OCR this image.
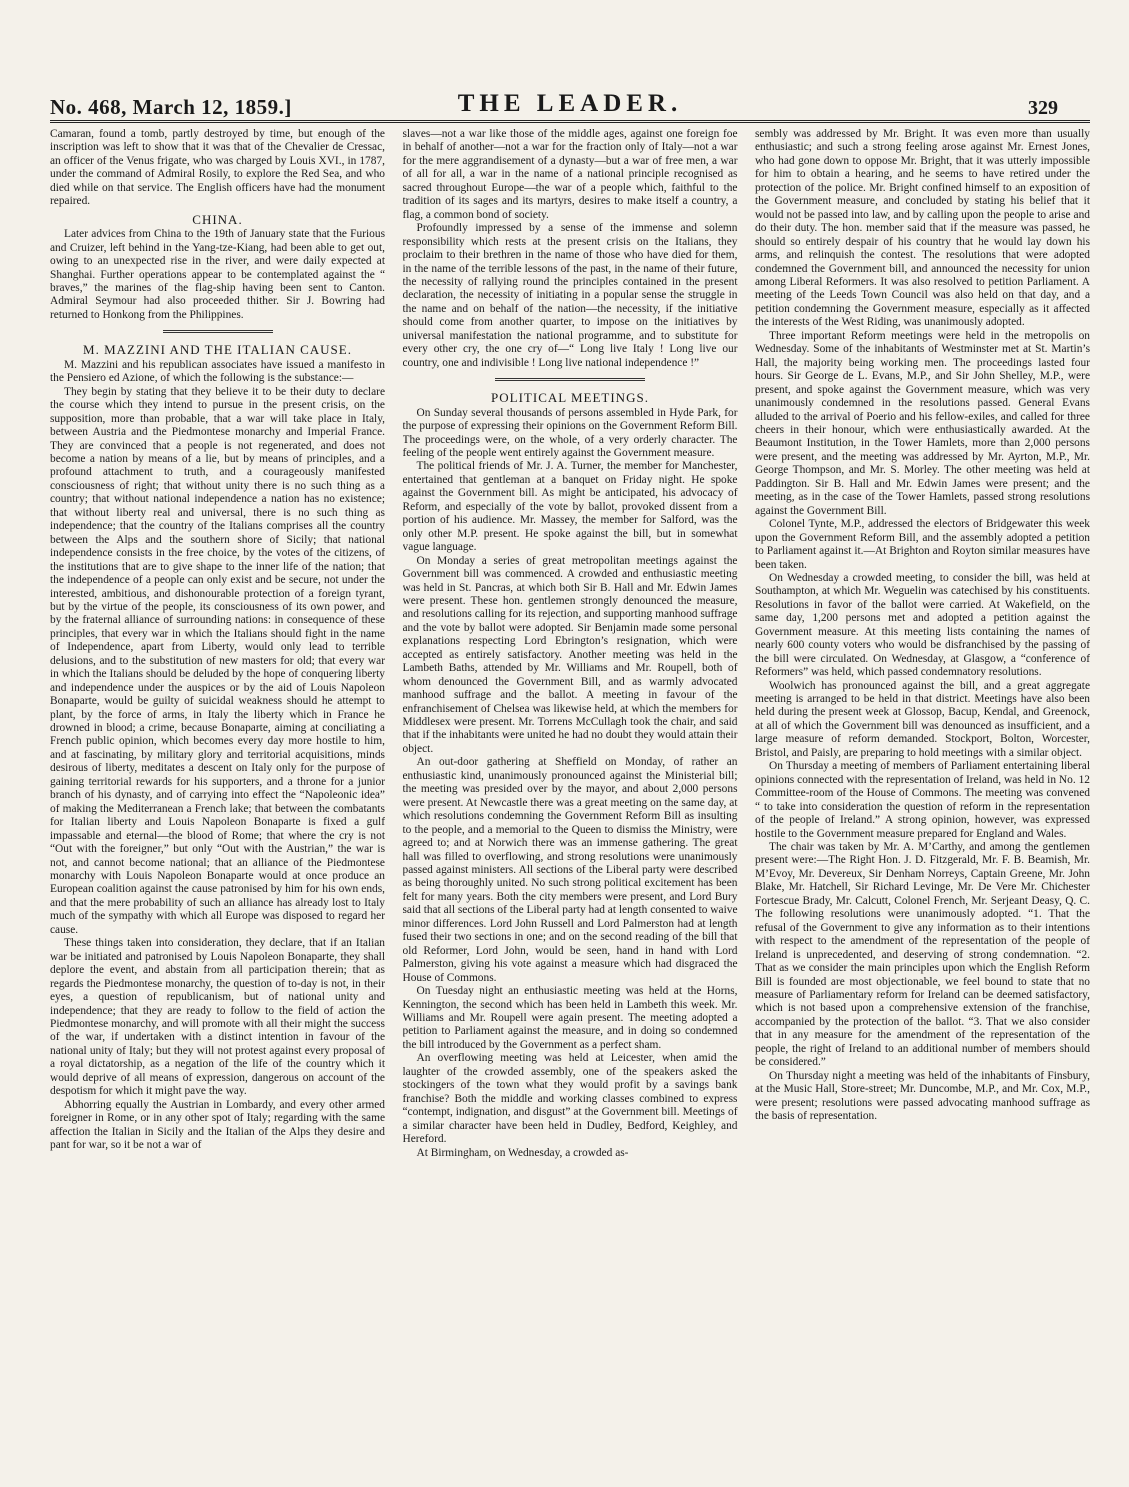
No. 468, March 12, 1859.]	THE LEADER.	329

Camaran, found a tomb, partly destroyed by time, but enough of the inscription was left to show that it was that of the Chevalier de Cressac, an officer of the Venus frigate, who was charged by Louis XVI., in 1787, under the command of Admiral Rosily, to explore the Red Sea, and who died while on that service. The English officers have had the monument repaired.

CHINA.

Later advices from China to the 19th of January state that the Furious and Cruizer, left behind in the Yang-tze-Kiang, had been able to get out, owing to an unexpected rise in the river, and were daily expected at Shanghai. Further operations appear to be contemplated against the “ braves,” the marines of the flag-ship having been sent to Canton. Admiral Seymour had also proceeded thither. Sir J. Bowring had returned to Honkong from the Philippines.

M. MAZZINI AND THE ITALIAN CAUSE.

M. Mazzini and his republican associates have issued a manifesto in the Pensiero ed Azione, of which the following is the substance:—

They begin by stating that they believe it to be their duty to declare the course which they intend to pursue in the present crisis, on the supposition, more than probable, that a war will take place in Italy, between Austria and the Piedmontese monarchy and Imperial France. They are convinced that a people is not regenerated, and does not become a nation by means of a lie, but by means of principles, and a profound attachment to truth, and a courageously manifested consciousness of right; that without unity there is no such thing as a country; that without national independence a nation has no existence; that without liberty real and universal, there is no such thing as independence; that the country of the Italians comprises all the country between the Alps and the southern shore of Sicily; that national independence consists in the free choice, by the votes of the citizens, of the institutions that are to give shape to the inner life of the nation; that the independence of a people can only exist and be secure, not under the interested, ambitious, and dishonourable protection of a foreign tyrant, but by the virtue of the people, its consciousness of its own power, and by the fraternal alliance of surrounding nations: in consequence of these principles, that every war in which the Italians should fight in the name of Independence, apart from Liberty, would only lead to terrible delusions, and to the substitution of new masters for old; that every war in which the Italians should be deluded by the hope of conquering liberty and independence under the auspices or by the aid of Louis Napoleon Bonaparte, would be guilty of suicidal weakness should he attempt to plant, by the force of arms, in Italy the liberty which in France he drowned in blood; a crime, because Bonaparte, aiming at conciliating a French public opinion, which becomes every day more hostile to him, and at fascinating, by military glory and territorial acquisitions, minds desirous of liberty, meditates a descent on Italy only for the purpose of gaining territorial rewards for his supporters, and a throne for a junior branch of his dynasty, and of carrying into effect the “Napoleonic idea” of making the Mediterranean a French lake; that between the combatants for Italian liberty and Louis Napoleon Bonaparte is fixed a gulf impassable and eternal—the blood of Rome; that where the cry is not “Out with the foreigner,” but only “Out with the Austrian,” the war is not, and cannot become national; that an alliance of the Piedmontese monarchy with Louis Napoleon Bonaparte would at once produce an European coalition against the cause patronised by him for his own ends, and that the mere probability of such an alliance has already lost to Italy much of the sympathy with which all Europe was disposed to regard her cause.

These things taken into consideration, they declare, that if an Italian war be initiated and patronised by Louis Napoleon Bonaparte, they shall deplore the event, and abstain from all participation therein; that as regards the Piedmontese monarchy, the question of to-day is not, in their eyes, a question of republicanism, but of national unity and independence; that they are ready to follow to the field of action the Piedmontese monarchy, and will promote with all their might the success of the war, if undertaken with a distinct intention in favour of the national unity of Italy; but they will not protest against every proposal of a royal dictatorship, as a negation of the life of the country which it would deprive of all means of expression, dangerous on account of the despotism for which it might pave the way.

Abhorring equally the Austrian in Lombardy, and every other armed foreigner in Rome, or in any other spot of Italy; regarding with the same affection the Italian in Sicily and the Italian of the Alps they desire and pant for war, so it be not a war of

slaves—not a war like those of the middle ages, against one foreign foe in behalf of another—not a war for the fraction only of Italy—not a war for the mere aggrandisement of a dynasty—but a war of free men, a war of all for all, a war in the name of a national principle recognised as sacred throughout Europe—the war of a people which, faithful to the tradition of its sages and its martyrs, desires to make itself a country, a flag, a common bond of society.

Profoundly impressed by a sense of the immense and solemn responsibility which rests at the present crisis on the Italians, they proclaim to their brethren in the name of those who have died for them, in the name of the terrible lessons of the past, in the name of their future, the necessity of rallying round the principles contained in the present declaration, the necessity of initiating in a popular sense the struggle in the name and on behalf of the nation—the necessity, if the initiative should come from another quarter, to impose on the initiatives by universal manifestation the national programme, and to substitute for every other cry, the one cry of—“ Long live Italy ! Long live our country, one and indivisible ! Long live national independence !”

POLITICAL MEETINGS.

On Sunday several thousands of persons assembled in Hyde Park, for the purpose of expressing their opinions on the Government Reform Bill. The proceedings were, on the whole, of a very orderly character. The feeling of the people went entirely against the Government measure.

The political friends of Mr. J. A. Turner, the member for Manchester, entertained that gentleman at a banquet on Friday night. He spoke against the Government bill. As might be anticipated, his advocacy of Reform, and especially of the vote by ballot, provoked dissent from a portion of his audience. Mr. Massey, the member for Salford, was the only other M.P. present. He spoke against the bill, but in somewhat vague language.

On Monday a series of great metropolitan meetings against the Government bill was commenced. A crowded and enthusiastic meeting was held in St. Pancras, at which both Sir B. Hall and Mr. Edwin James were present. These hon. gentlemen strongly denounced the measure, and resolutions calling for its rejection, and supporting manhood suffrage and the vote by ballot were adopted. Sir Benjamin made some personal explanations respecting Lord Ebrington’s resignation, which were accepted as entirely satisfactory. Another meeting was held in the Lambeth Baths, attended by Mr. Williams and Mr. Roupell, both of whom denounced the Government Bill, and as warmly advocated manhood suffrage and the ballot. A meeting in favour of the enfranchisement of Chelsea was likewise held, at which the members for Middlesex were present. Mr. Torrens McCullagh took the chair, and said that if the inhabitants were united he had no doubt they would attain their object.

An out-door gathering at Sheffield on Monday, of rather an enthusiastic kind, unanimously pronounced against the Ministerial bill; the meeting was presided over by the mayor, and about 2,000 persons were present. At Newcastle there was a great meeting on the same day, at which resolutions condemning the Government Reform Bill as insulting to the people, and a memorial to the Queen to dismiss the Ministry, were agreed to; and at Norwich there was an immense gathering. The great hall was filled to overflowing, and strong resolutions were unanimously passed against ministers. All sections of the Liberal party were described as being thoroughly united. No such strong political excitement has been felt for many years. Both the city members were present, and Lord Bury said that all sections of the Liberal party had at length consented to waive minor differences. Lord John Russell and Lord Palmerston had at length fused their two sections in one; and on the second reading of the bill that old Reformer, Lord John, would be seen, hand in hand with Lord Palmerston, giving his vote against a measure which had disgraced the House of Commons.

On Tuesday night an enthusiastic meeting was held at the Horns, Kennington, the second which has been held in Lambeth this week. Mr. Williams and Mr. Roupell were again present. The meeting adopted a petition to Parliament against the measure, and in doing so condemned the bill introduced by the Government as a perfect sham.

An overflowing meeting was held at Leicester, when amid the laughter of the crowded assembly, one of the speakers asked the stockingers of the town what they would profit by a savings bank franchise? Both the middle and working classes combined to express “contempt, indignation, and disgust” at the Government bill. Meetings of a similar character have been held in Dudley, Bedford, Keighley, and Hereford.

At Birmingham, on Wednesday, a crowded as-

sembly was addressed by Mr. Bright. It was even more than usually enthusiastic; and such a strong feeling arose against Mr. Ernest Jones, who had gone down to oppose Mr. Bright, that it was utterly impossible for him to obtain a hearing, and he seems to have retired under the protection of the police. Mr. Bright confined himself to an exposition of the Government measure, and concluded by stating his belief that it would not be passed into law, and by calling upon the people to arise and do their duty. The hon. member said that if the measure was passed, he should so entirely despair of his country that he would lay down his arms, and relinquish the contest. The resolutions that were adopted condemned the Government bill, and announced the necessity for union among Liberal Reformers. It was also resolved to petition Parliament. A meeting of the Leeds Town Council was also held on that day, and a petition condemning the Government measure, especially as it affected the interests of the West Riding, was unanimously adopted.

Three important Reform meetings were held in the metropolis on Wednesday. Some of the inhabitants of Westminster met at St. Martin’s Hall, the majority being working men. The proceedings lasted four hours. Sir George de L. Evans, M.P., and Sir John Shelley, M.P., were present, and spoke against the Government measure, which was very unanimously condemned in the resolutions passed. General Evans alluded to the arrival of Poerio and his fellow-exiles, and called for three cheers in their honour, which were enthusiastically awarded. At the Beaumont Institution, in the Tower Hamlets, more than 2,000 persons were present, and the meeting was addressed by Mr. Ayrton, M.P., Mr. George Thompson, and Mr. S. Morley. The other meeting was held at Paddington. Sir B. Hall and Mr. Edwin James were present; and the meeting, as in the case of the Tower Hamlets, passed strong resolutions against the Government Bill.

Colonel Tynte, M.P., addressed the electors of Bridgewater this week upon the Government Reform Bill, and the assembly adopted a petition to Parliament against it.—At Brighton and Royton similar measures have been taken.

On Wednesday a crowded meeting, to consider the bill, was held at Southampton, at which Mr. Weguelin was catechised by his constituents. Resolutions in favor of the ballot were carried. At Wakefield, on the same day, 1,200 persons met and adopted a petition against the Government measure. At this meeting lists containing the names of nearly 600 county voters who would be disfranchised by the passing of the bill were circulated. On Wednesday, at Glasgow, a “conference of Reformers” was held, which passed condemnatory resolutions.

Woolwich has pronounced against the bill, and a great aggregate meeting is arranged to be held in that district. Meetings have also been held during the present week at Glossop, Bacup, Kendal, and Greenock, at all of which the Government bill was denounced as insufficient, and a large measure of reform demanded. Stockport, Bolton, Worcester, Bristol, and Paisly, are preparing to hold meetings with a similar object.

On Thursday a meeting of members of Parliament entertaining liberal opinions connected with the representation of Ireland, was held in No. 12 Committee-room of the House of Commons. The meeting was convened “ to take into consideration the question of reform in the representation of the people of Ireland.” A strong opinion, however, was expressed hostile to the Government measure prepared for England and Wales.

The chair was taken by Mr. A. M’Carthy, and among the gentlemen present were:—The Right Hon. J. D. Fitzgerald, Mr. F. B. Beamish, Mr. M’Evoy, Mr. Devereux, Sir Denham Norreys, Captain Greene, Mr. John Blake, Mr. Hatchell, Sir Richard Levinge, Mr. De Vere Mr. Chichester Fortescue Brady, Mr. Calcutt, Colonel French, Mr. Serjeant Deasy, Q. C. The following resolutions were unanimously adopted. “1. That the refusal of the Government to give any information as to their intentions with respect to the amendment of the representation of the people of Ireland is unprecedented, and deserving of strong condemnation. “2. That as we consider the main principles upon which the English Reform Bill is founded are most objectionable, we feel bound to state that no measure of Parliamentary reform for Ireland can be deemed satisfactory, which is not based upon a comprehensive extension of the franchise, accompanied by the protection of the ballot. “3. That we also consider that in any measure for the amendment of the representation of the people, the right of Ireland to an additional number of members should be considered.”

On Thursday night a meeting was held of the inhabitants of Finsbury, at the Music Hall, Store-street; Mr. Duncombe, M.P., and Mr. Cox, M.P., were present; resolutions were passed advocating manhood suffrage as the basis of representation.
